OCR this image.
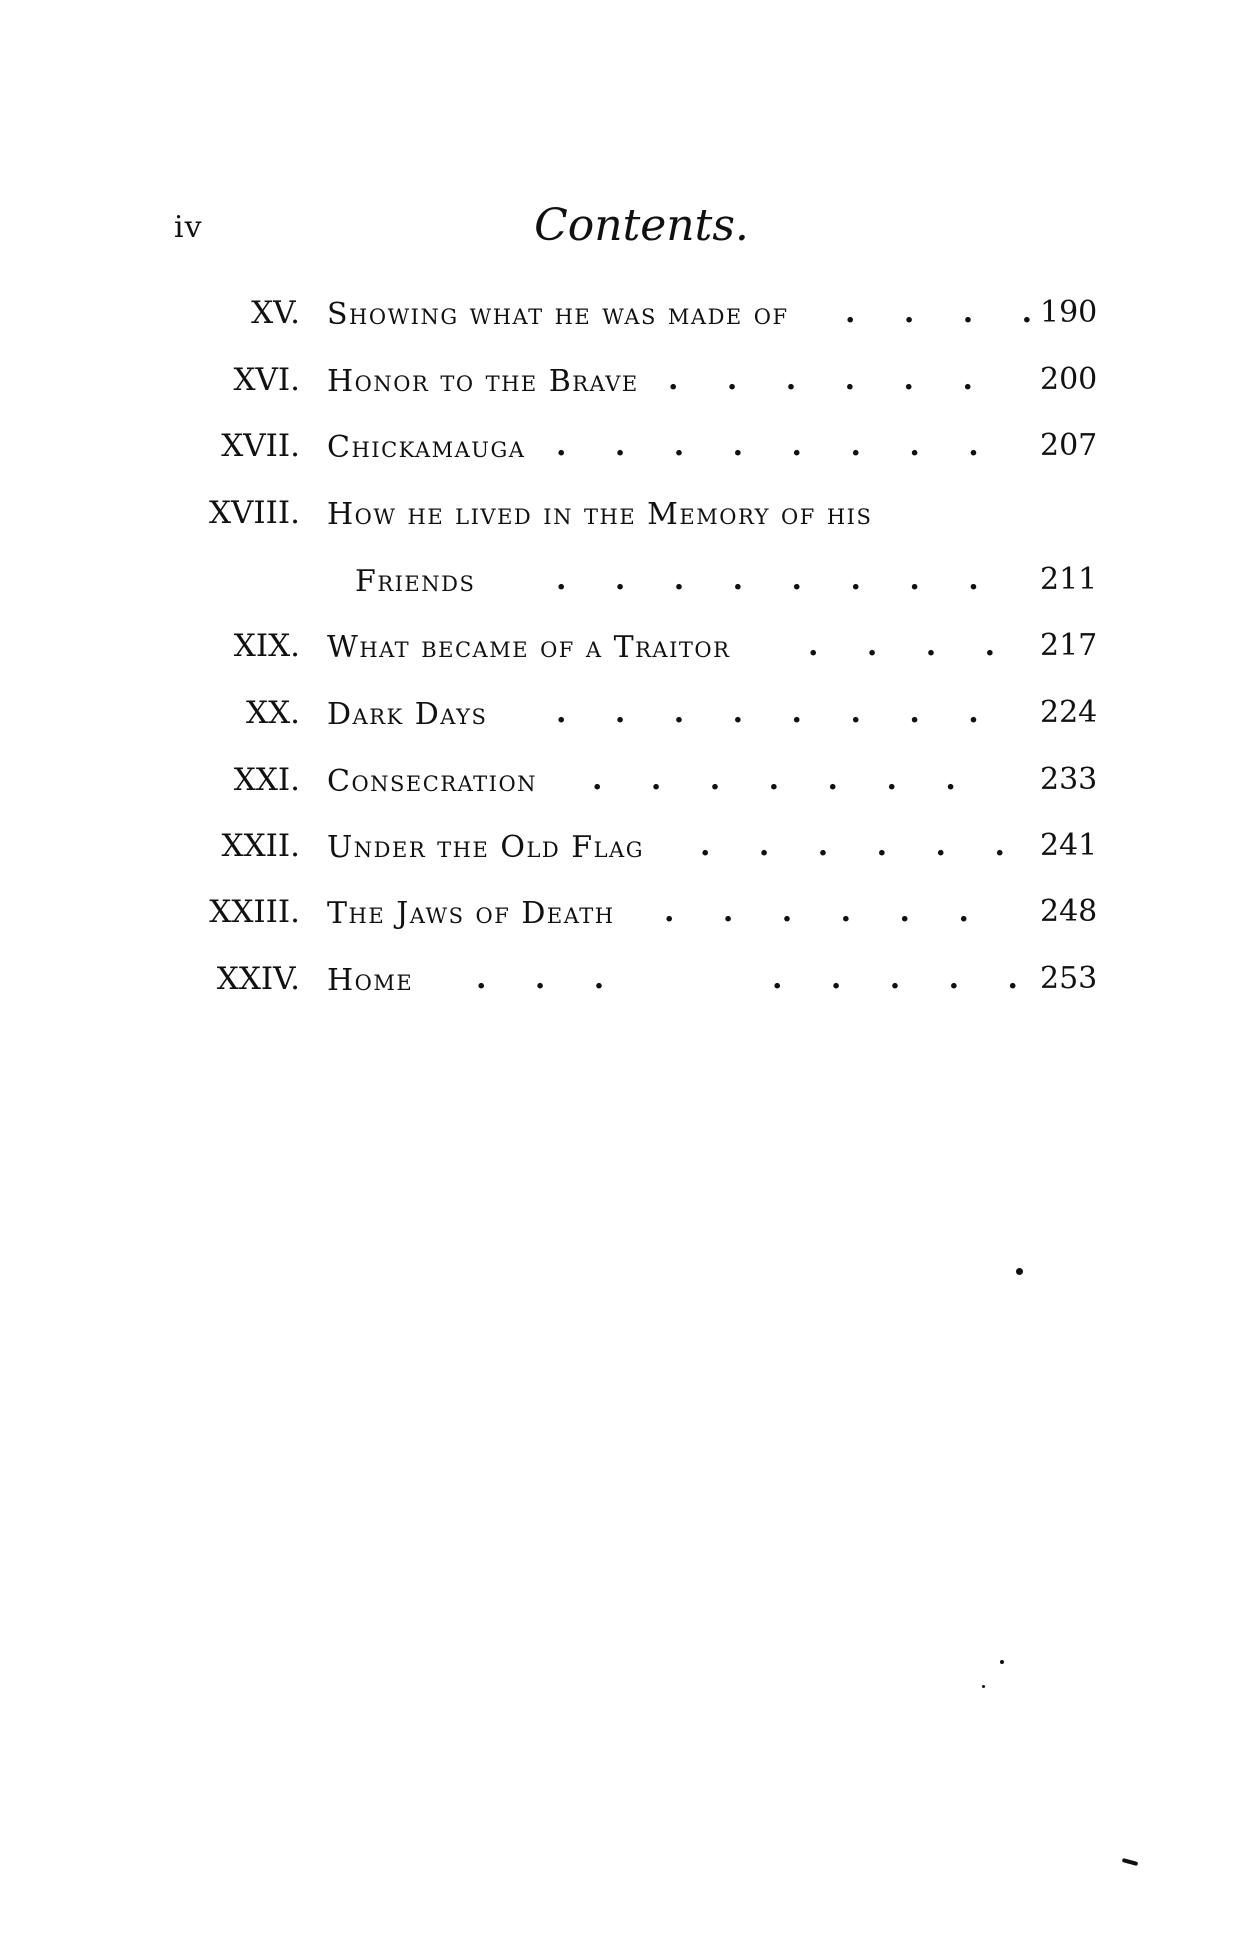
iv	Contents.
XV. Showing what he was made of . . . . 190
XVI. Honor to the Brave . . . . . . 200
XVII. Chickamauga . . . . . . . . 207
XVIII. How he lived in the Memory of his
Friends	. . . . . . . . 211
XIX. What became of a Traitor	. . . . 217
XX. Dark Days . . . . . . . . 224
XXI. Consecration . . . . . . .	233
XXII. Under the Old Flag . . . . . . 241
XXIII. The Jaws of Death . . . . . . 248
XXIV. Home . . .	. . . . . 253
